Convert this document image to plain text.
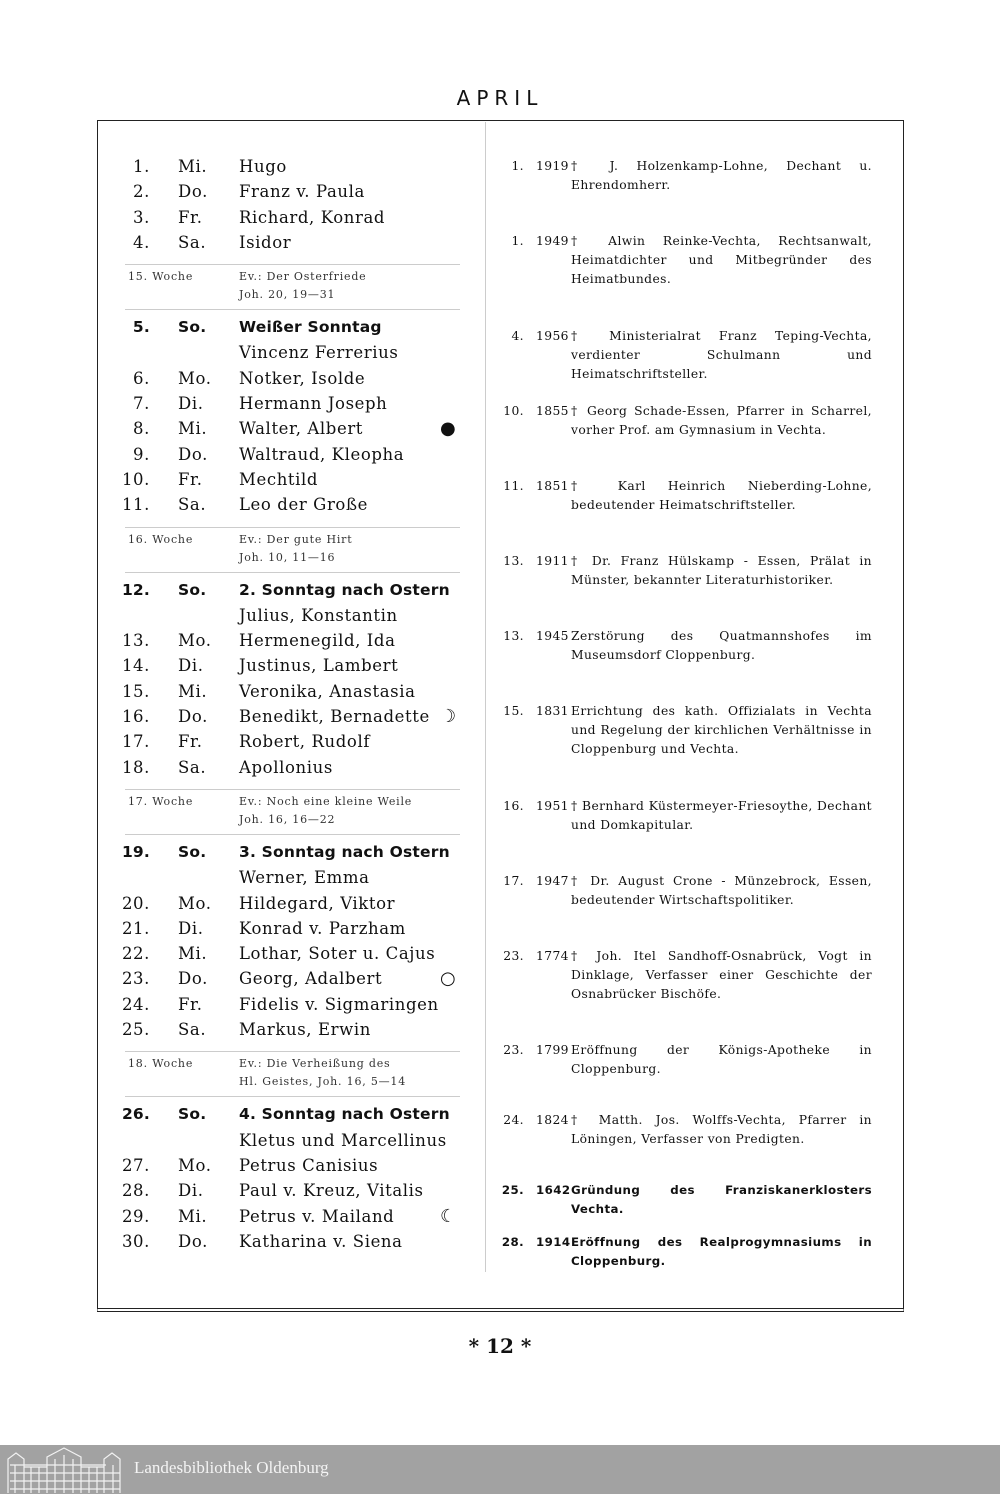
APRIL
1. Mi. Hugo
2. Do. Franz v. Paula
3. Fr. Richard, Konrad
4. Sa. Isidor
15. Woche	Ev.: Der Osterfriede
Joh. 20, 19—31
5. So. Weißer Sonntag
Vincenz Ferrerius
6. Mo. Notker, Isolde
7. Di. Hermann Joseph
8. Mi. Walter, Albert	●
9. Do. Waltraud, Kleopha
10. Fr. Mechtild
11. Sa. Leo der Große
16. Woche	Ev.: Der gute Hirt
Joh. 10, 11—16
12. So. 2. Sonntag nach Ostern
Julius, Konstantin
13. Mo. Hermenegild, Ida
14. Di. Justinus, Lambert
15. Mi. Veronika, Anastasia
16. Do. Benedikt, Bernadette ☽
17. Fr. Robert, Rudolf
18. Sa. Apollonius
17. Woche	Ev.: Noch eine kleine Weile
Joh. 16, 16—22
19. So. 3. Sonntag nach Ostern
Werner, Emma
20. Mo. Hildegard, Viktor
21. Di. Konrad v. Parzham
22. Mi. Lothar, Soter u. Cajus
23. Do. Georg, Adalbert	○
24. Fr. Fidelis v. Sigmaringen
25. Sa. Markus, Erwin
18. Woche	Ev.: Die Verheißung des
Hl. Geistes, Joh. 16, 5—14
26. So. 4. Sonntag nach Ostern
Kletus und Marcellinus
27. Mo. Petrus Canisius
28. Di. Paul v. Kreuz, Vitalis
29. Mi. Petrus v. Mailand	☾
30. Do. Katharina v. Siena
1. 1919 † J. Holzenkamp-Lohne, Dechant u. Ehrendomherr.
1. 1949 † Alwin Reinke-Vechta, Rechtsanwalt, Heimatdichter und Mitbegründer des Heimatbundes.
4. 1956 † Ministerialrat Franz Teping-Vechta, verdienter Schulmann und Heimatschriftsteller.
10. 1855 † Georg Schade-Essen, Pfarrer in Scharrel, vorher Prof. am Gymnasium in Vechta.
11. 1851 † Karl Heinrich Nieberding-Lohne, bedeutender Heimatschriftsteller.
13. 1911 † Dr. Franz Hülskamp - Essen, Prälat in Münster, bekannter Literaturhistoriker.
13. 1945 Zerstörung des Quatmannshofes im Museumsdorf Cloppenburg.
15. 1831 Errichtung des kath. Offizialats in Vechta und Regelung der kirchlichen Verhältnisse in Cloppenburg und Vechta.
16. 1951 † Bernhard Küstermeyer-Friesoythe, Dechant und Domkapitular.
17. 1947 † Dr. August Crone - Münzebrock, Essen, bedeutender Wirtschaftspolitiker.
23. 1774 † Joh. Itel Sandhoff-Osnabrück, Vogt in Dinklage, Verfasser einer Geschichte der Osnabrücker Bischöfe.
23. 1799 Eröffnung der Königs-Apotheke in Cloppenburg.
24. 1824 † Matth. Jos. Wolffs-Vechta, Pfarrer in Löningen, Verfasser von Predigten.
25. 1642 Gründung des Franziskanerklosters Vechta.
28. 1914 Eröffnung des Realprogymnasiums in Cloppenburg.
* 12 *
Landesbibliothek Oldenburg
